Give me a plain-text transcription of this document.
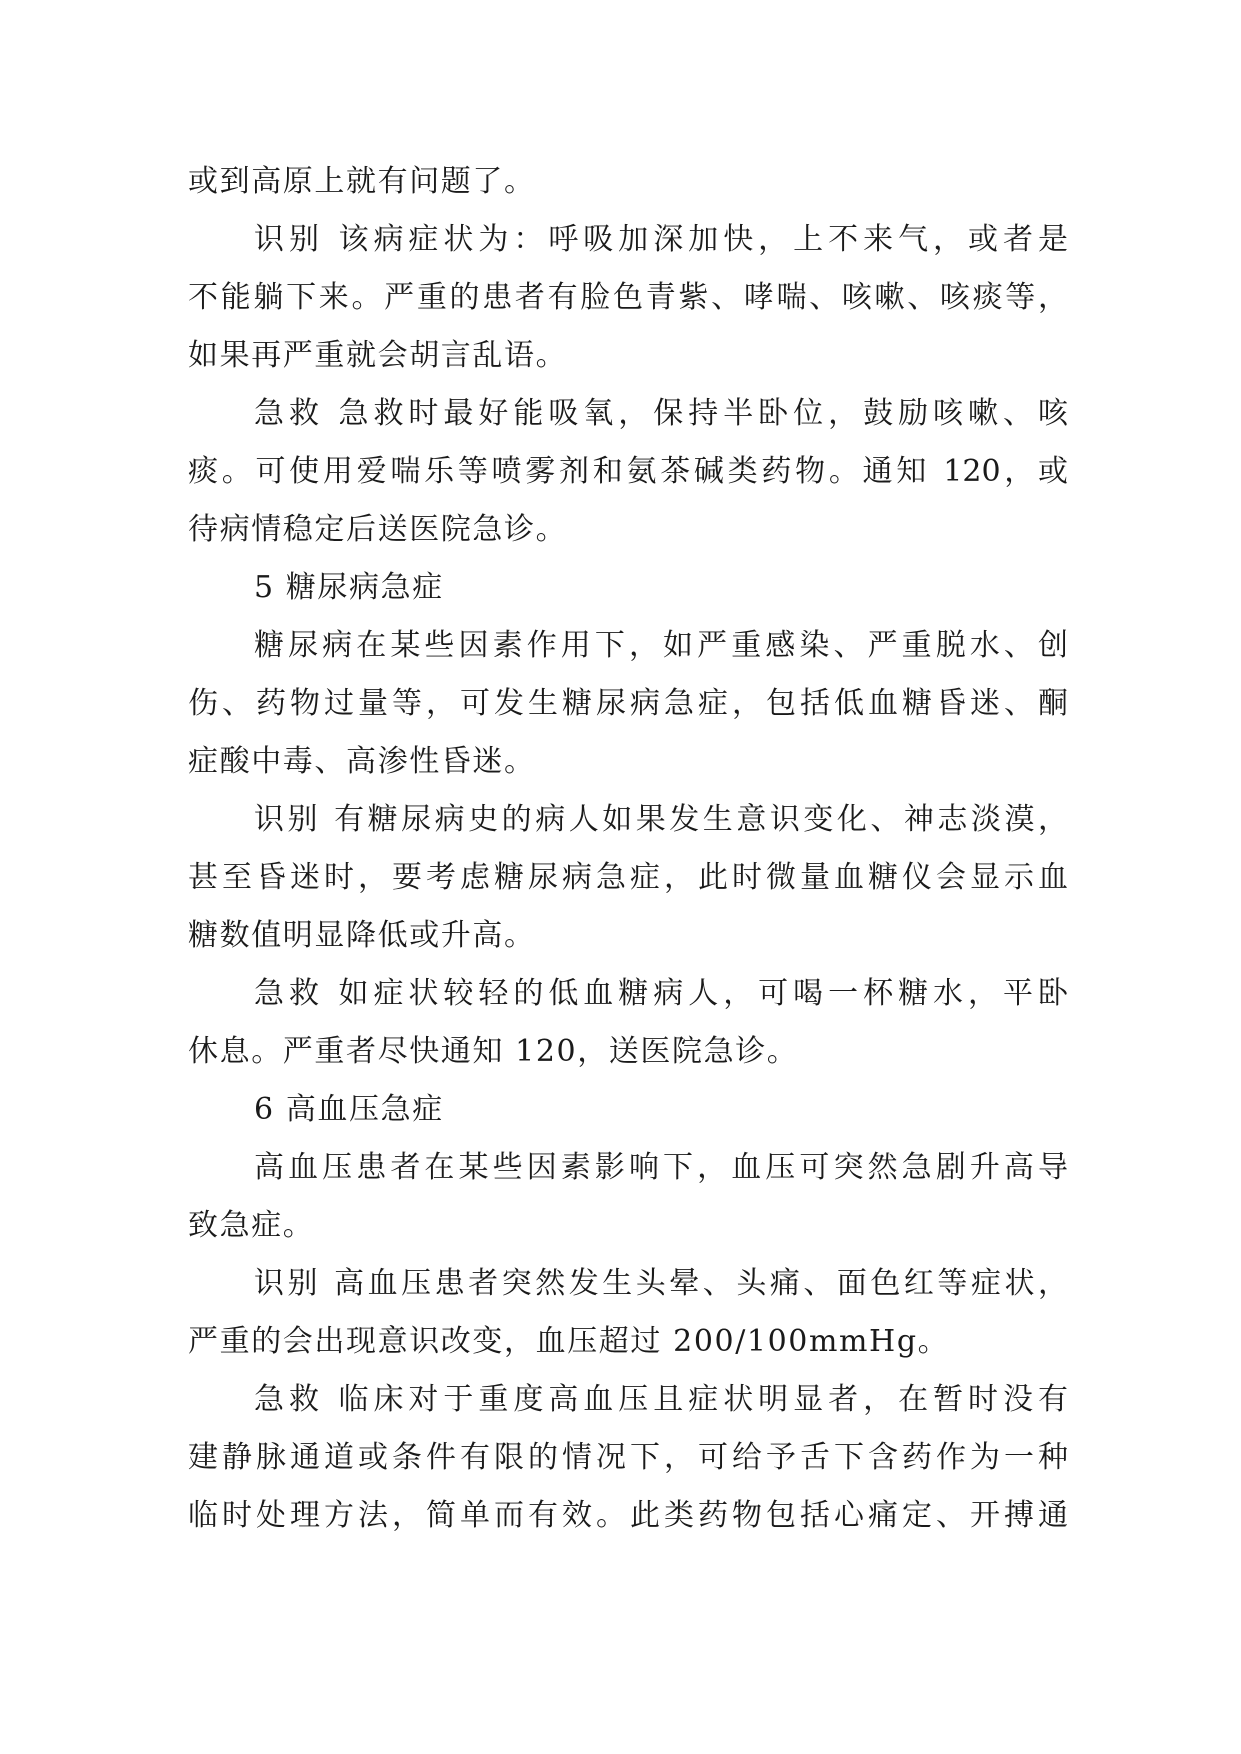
或到高原上就有问题了。
识别 该病症状为：呼吸加深加快，上不来气，或者是
不能躺下来。严重的患者有脸色青紫、哮喘、咳嗽、咳痰等，
如果再严重就会胡言乱语。
急救 急救时最好能吸氧，保持半卧位，鼓励咳嗽、咳
痰。可使用爱喘乐等喷雾剂和氨茶碱类药物。通知 120，或
待病情稳定后送医院急诊。
5 糖尿病急症
糖尿病在某些因素作用下，如严重感染、严重脱水、创
伤、药物过量等，可发生糖尿病急症，包括低血糖昏迷、酮
症酸中毒、高渗性昏迷。
识别 有糖尿病史的病人如果发生意识变化、神志淡漠，
甚至昏迷时，要考虑糖尿病急症，此时微量血糖仪会显示血
糖数值明显降低或升高。
急救 如症状较轻的低血糖病人，可喝一杯糖水，平卧
休息。严重者尽快通知 120，送医院急诊。
6 高血压急症
高血压患者在某些因素影响下，血压可突然急剧升高导
致急症。
识别 高血压患者突然发生头晕、头痛、面色红等症状，
严重的会出现意识改变，血压超过 200/100mmHg。
急救 临床对于重度高血压且症状明显者，在暂时没有
建静脉通道或条件有限的情况下，可给予舌下含药作为一种
临时处理方法，简单而有效。此类药物包括心痛定、开搏通
